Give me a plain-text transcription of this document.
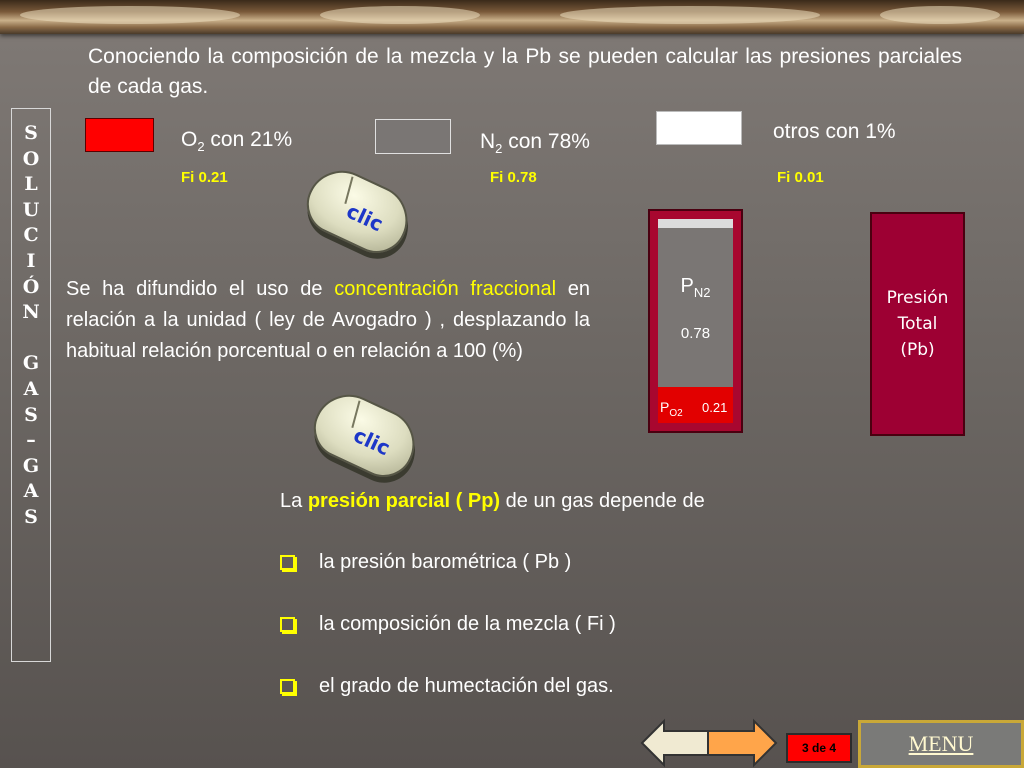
Conociendo la composición de la mezcla y la Pb se pueden calcular las presiones parciales de cada gas.
S
O
L
U
C
I
Ó
N
G
A
S
–
G
A
S
$O_2$ con 21%
Fi 0.21
$N_2$ con 78%
Fi 0.78
otros con 1%
Fi 0.01
clic
Se ha difundido el uso de concentración fraccional en relación a la unidad ( ley de Avogadro ) , desplazando la habitual relación porcentual o en relación a 100 (%)
clic
$P_{N2}$
0.78
$P_{O2}$ 0.21
Presión
Total
(Pb)
La presión parcial ( Pp) de un gas depende de
la presión barométrica ( Pb )
la composición de la mezcla ( Fi )
el grado de humectación del gas.
3 de 4	MENU
